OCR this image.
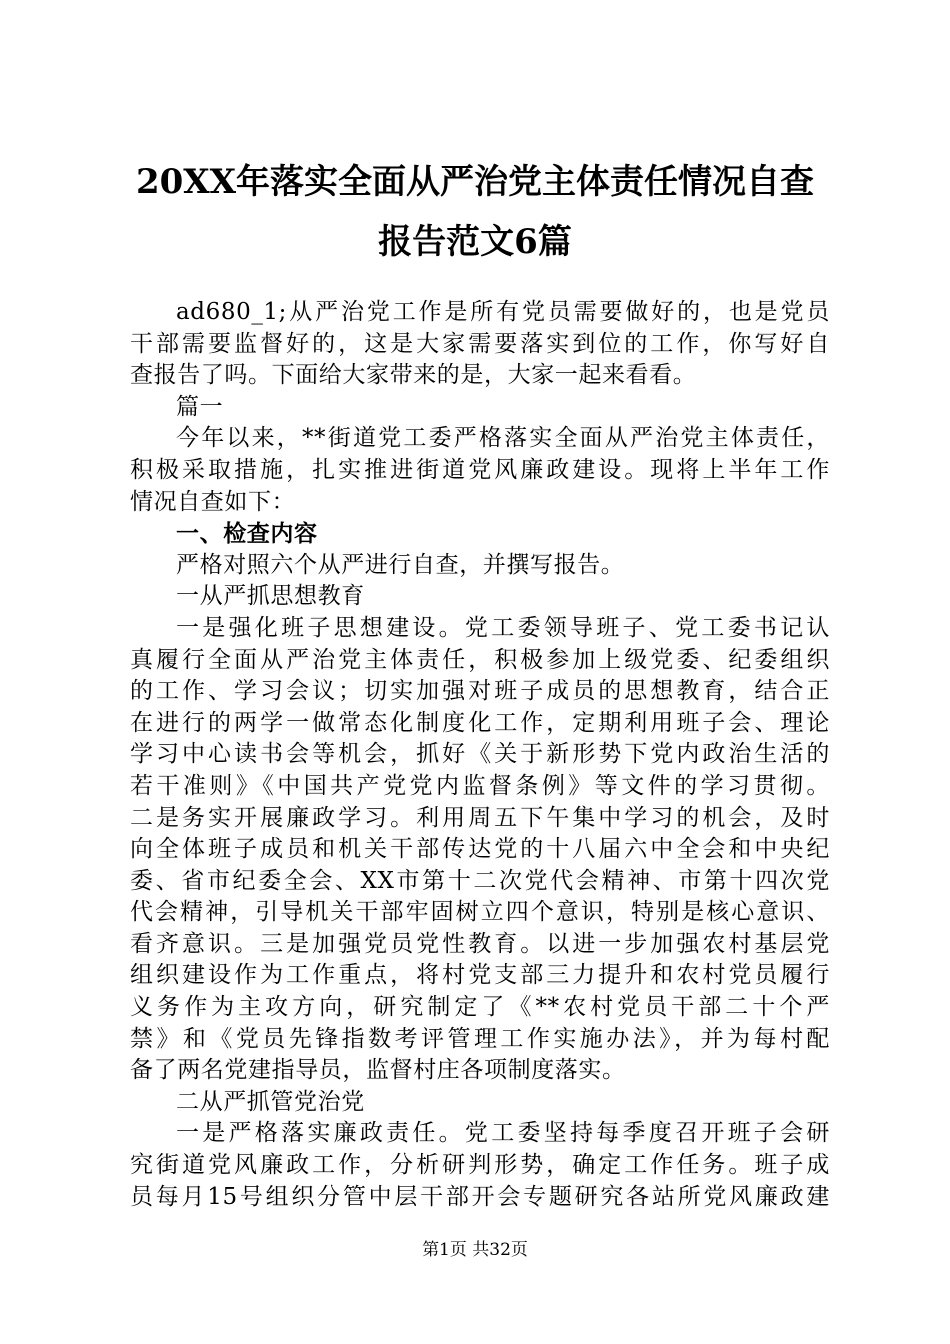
20XX年落实全面从严治党主体责任情况自查
报告范文6篇
ad680_1;从严治党工作是所有党员需要做好的，也是党员
干部需要监督好的，这是大家需要落实到位的工作，你写好自
查报告了吗。下面给大家带来的是，大家一起来看看。
篇一
今年以来，**街道党工委严格落实全面从严治党主体责任，
积极采取措施，扎实推进街道党风廉政建设。现将上半年工作
情况自查如下：
一、检查内容
严格对照六个从严进行自查，并撰写报告。
一从严抓思想教育
一是强化班子思想建设。党工委领导班子、党工委书记认
真履行全面从严治党主体责任，积极参加上级党委、纪委组织
的工作、学习会议；切实加强对班子成员的思想教育，结合正
在进行的两学一做常态化制度化工作，定期利用班子会、理论
学习中心读书会等机会，抓好《关于新形势下党内政治生活的
若干准则》《中国共产党党内监督条例》等文件的学习贯彻。
二是务实开展廉政学习。利用周五下午集中学习的机会，及时
向全体班子成员和机关干部传达党的十八届六中全会和中央纪
委、省市纪委全会、XX市第十二次党代会精神、市第十四次党
代会精神，引导机关干部牢固树立四个意识，特别是核心意识、
看齐意识。三是加强党员党性教育。以进一步加强农村基层党
组织建设作为工作重点，将村党支部三力提升和农村党员履行
义务作为主攻方向，研究制定了《**农村党员干部二十个严
禁》和《党员先锋指数考评管理工作实施办法》，并为每村配
备了两名党建指导员，监督村庄各项制度落实。
二从严抓管党治党
一是严格落实廉政责任。党工委坚持每季度召开班子会研
究街道党风廉政工作，分析研判形势，确定工作任务。班子成
员每月15号组织分管中层干部开会专题研究各站所党风廉政建
第1页 共32页
